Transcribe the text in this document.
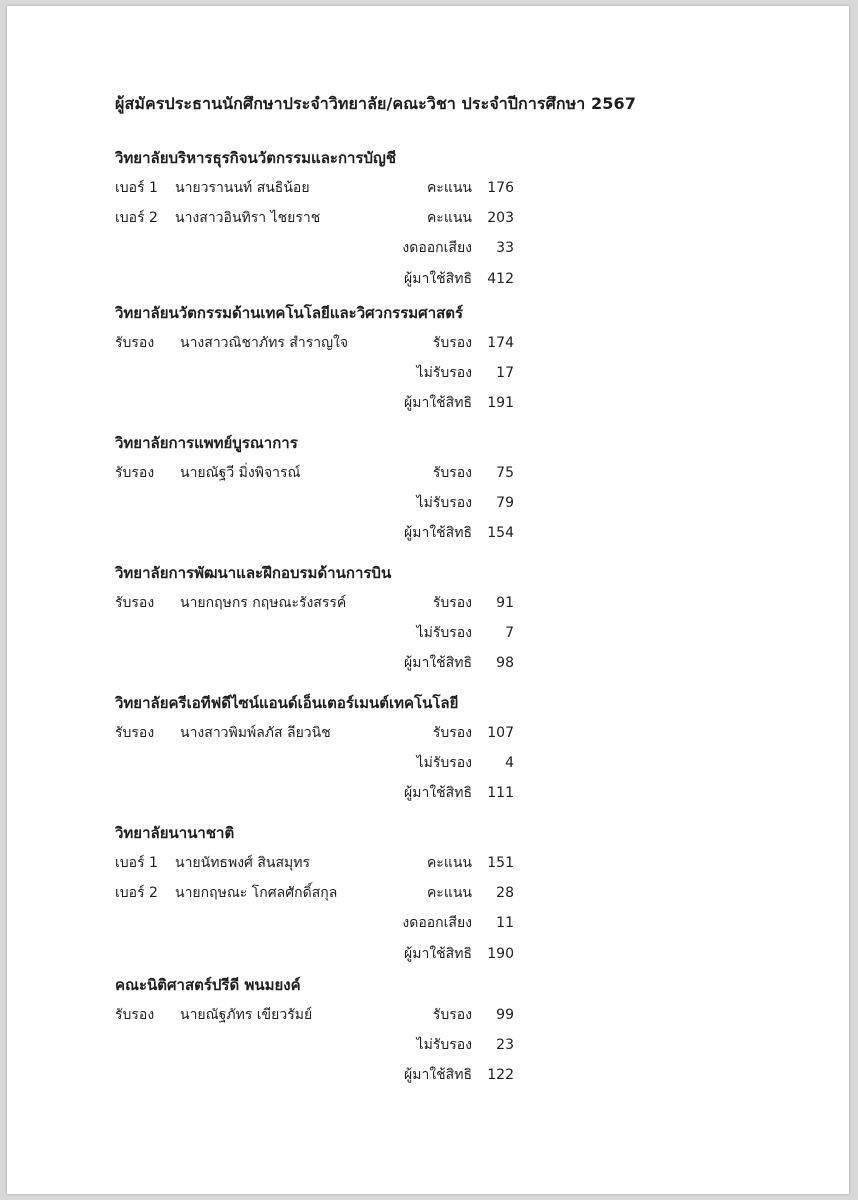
ผู้สมัครประธานนักศึกษาประจำวิทยาลัย/คณะวิชา ประจำปีการศึกษา 2567
วิทยาลัยบริหารธุรกิจนวัตกรรมและการบัญชี
เบอร์ 1 นายวรานนท์ สนธิน้อย	คะแนน 176
เบอร์ 2 นางสาวอินทิรา ไชยราช	คะแนน 203
งดออกเสียง 33
ผู้มาใช้สิทธิ 412
วิทยาลัยนวัตกรรมด้านเทคโนโลยีและวิศวกรรมศาสตร์
รับรอง นางสาวณิชาภัทร สำราญใจ	รับรอง 174
ไม่รับรอง 17
ผู้มาใช้สิทธิ 191
วิทยาลัยการแพทย์บูรณาการ
รับรอง นายณัฐวี มิ่งพิจารณ์	รับรอง 75
ไม่รับรอง 79
ผู้มาใช้สิทธิ 154
วิทยาลัยการพัฒนาและฝึกอบรมด้านการบิน
รับรอง นายกฤษกร กฤษณะรังสรรค์	รับรอง 91
ไม่รับรอง 7
ผู้มาใช้สิทธิ 98
วิทยาลัยครีเอทีฟดีไซน์แอนด์เอ็นเตอร์เมนต์เทคโนโลยี
รับรอง นางสาวพิมพ์ลภัส ลียวนิช	รับรอง 107
ไม่รับรอง 4
ผู้มาใช้สิทธิ 111
วิทยาลัยนานาชาติ
เบอร์ 1 นายนัทธพงศ์ สินสมุทร	คะแนน 151
เบอร์ 2 นายกฤษณะ โกศลศักดิ์สกุล	คะแนน 28
งดออกเสียง 11
ผู้มาใช้สิทธิ 190
คณะนิติศาสตร์ปรีดี พนมยงค์
รับรอง นายณัฐภัทร เขียวรัมย์	รับรอง 99
ไม่รับรอง 23
ผู้มาใช้สิทธิ 122
